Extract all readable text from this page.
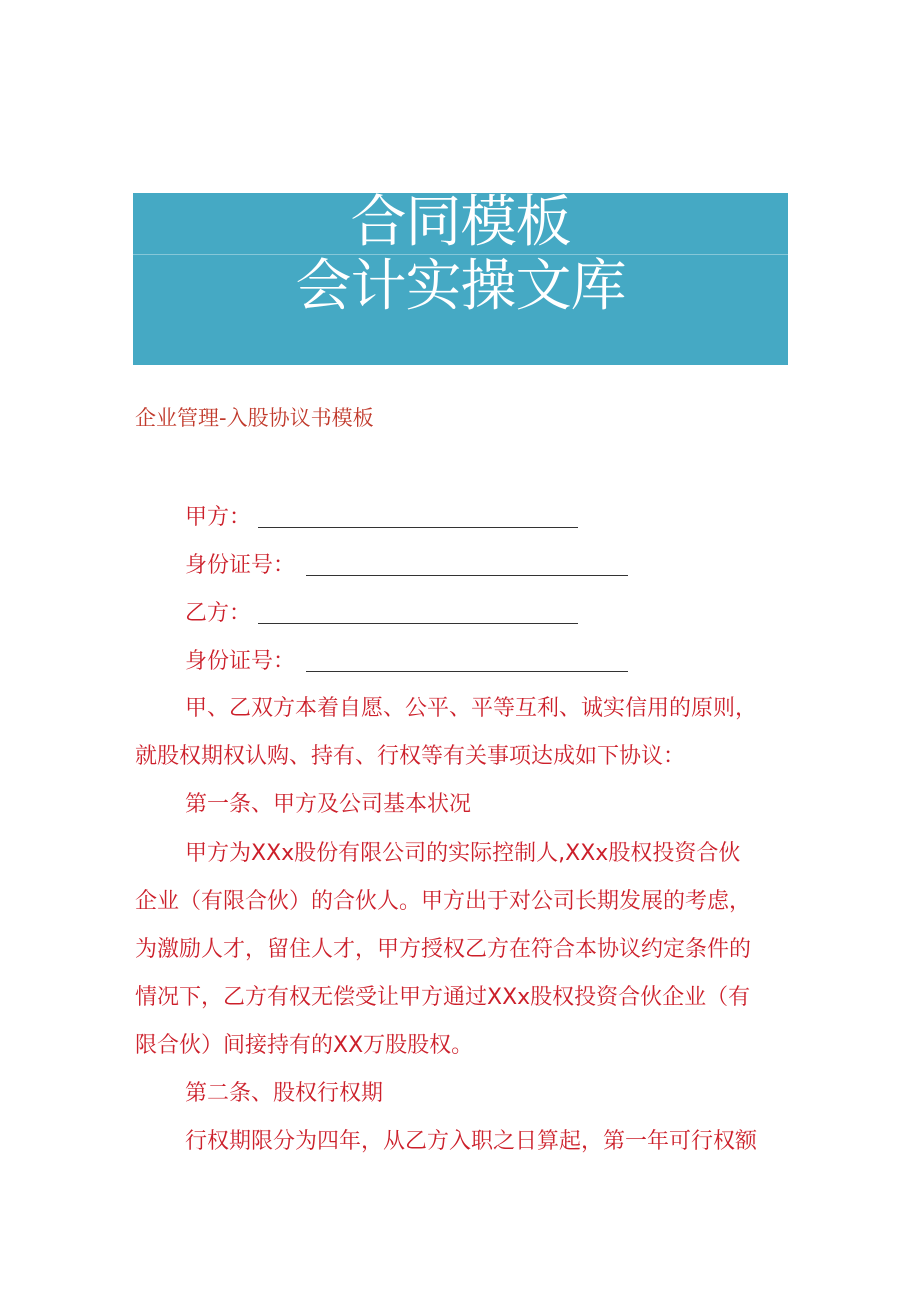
合同模板
会计实操文库
企业管理-入股协议书模板
甲方：
身份证号：
乙方：
身份证号：
甲、乙双方本着自愿、公平、平等互利、诚实信用的原则，
就股权期权认购、持有、行权等有关事项达成如下协议：
第一条、甲方及公司基本状况
甲方为XXx股份有限公司的实际控制人,XXx股权投资合伙
企业（有限合伙）的合伙人。甲方出于对公司长期发展的考虑，
为激励人才，留住人才，甲方授权乙方在符合本协议约定条件的
情况下，乙方有权无偿受让甲方通过XXx股权投资合伙企业（有
限合伙）间接持有的XX万股股权。
第二条、股权行权期
行权期限分为四年，从乙方入职之日算起，第一年可行权额
